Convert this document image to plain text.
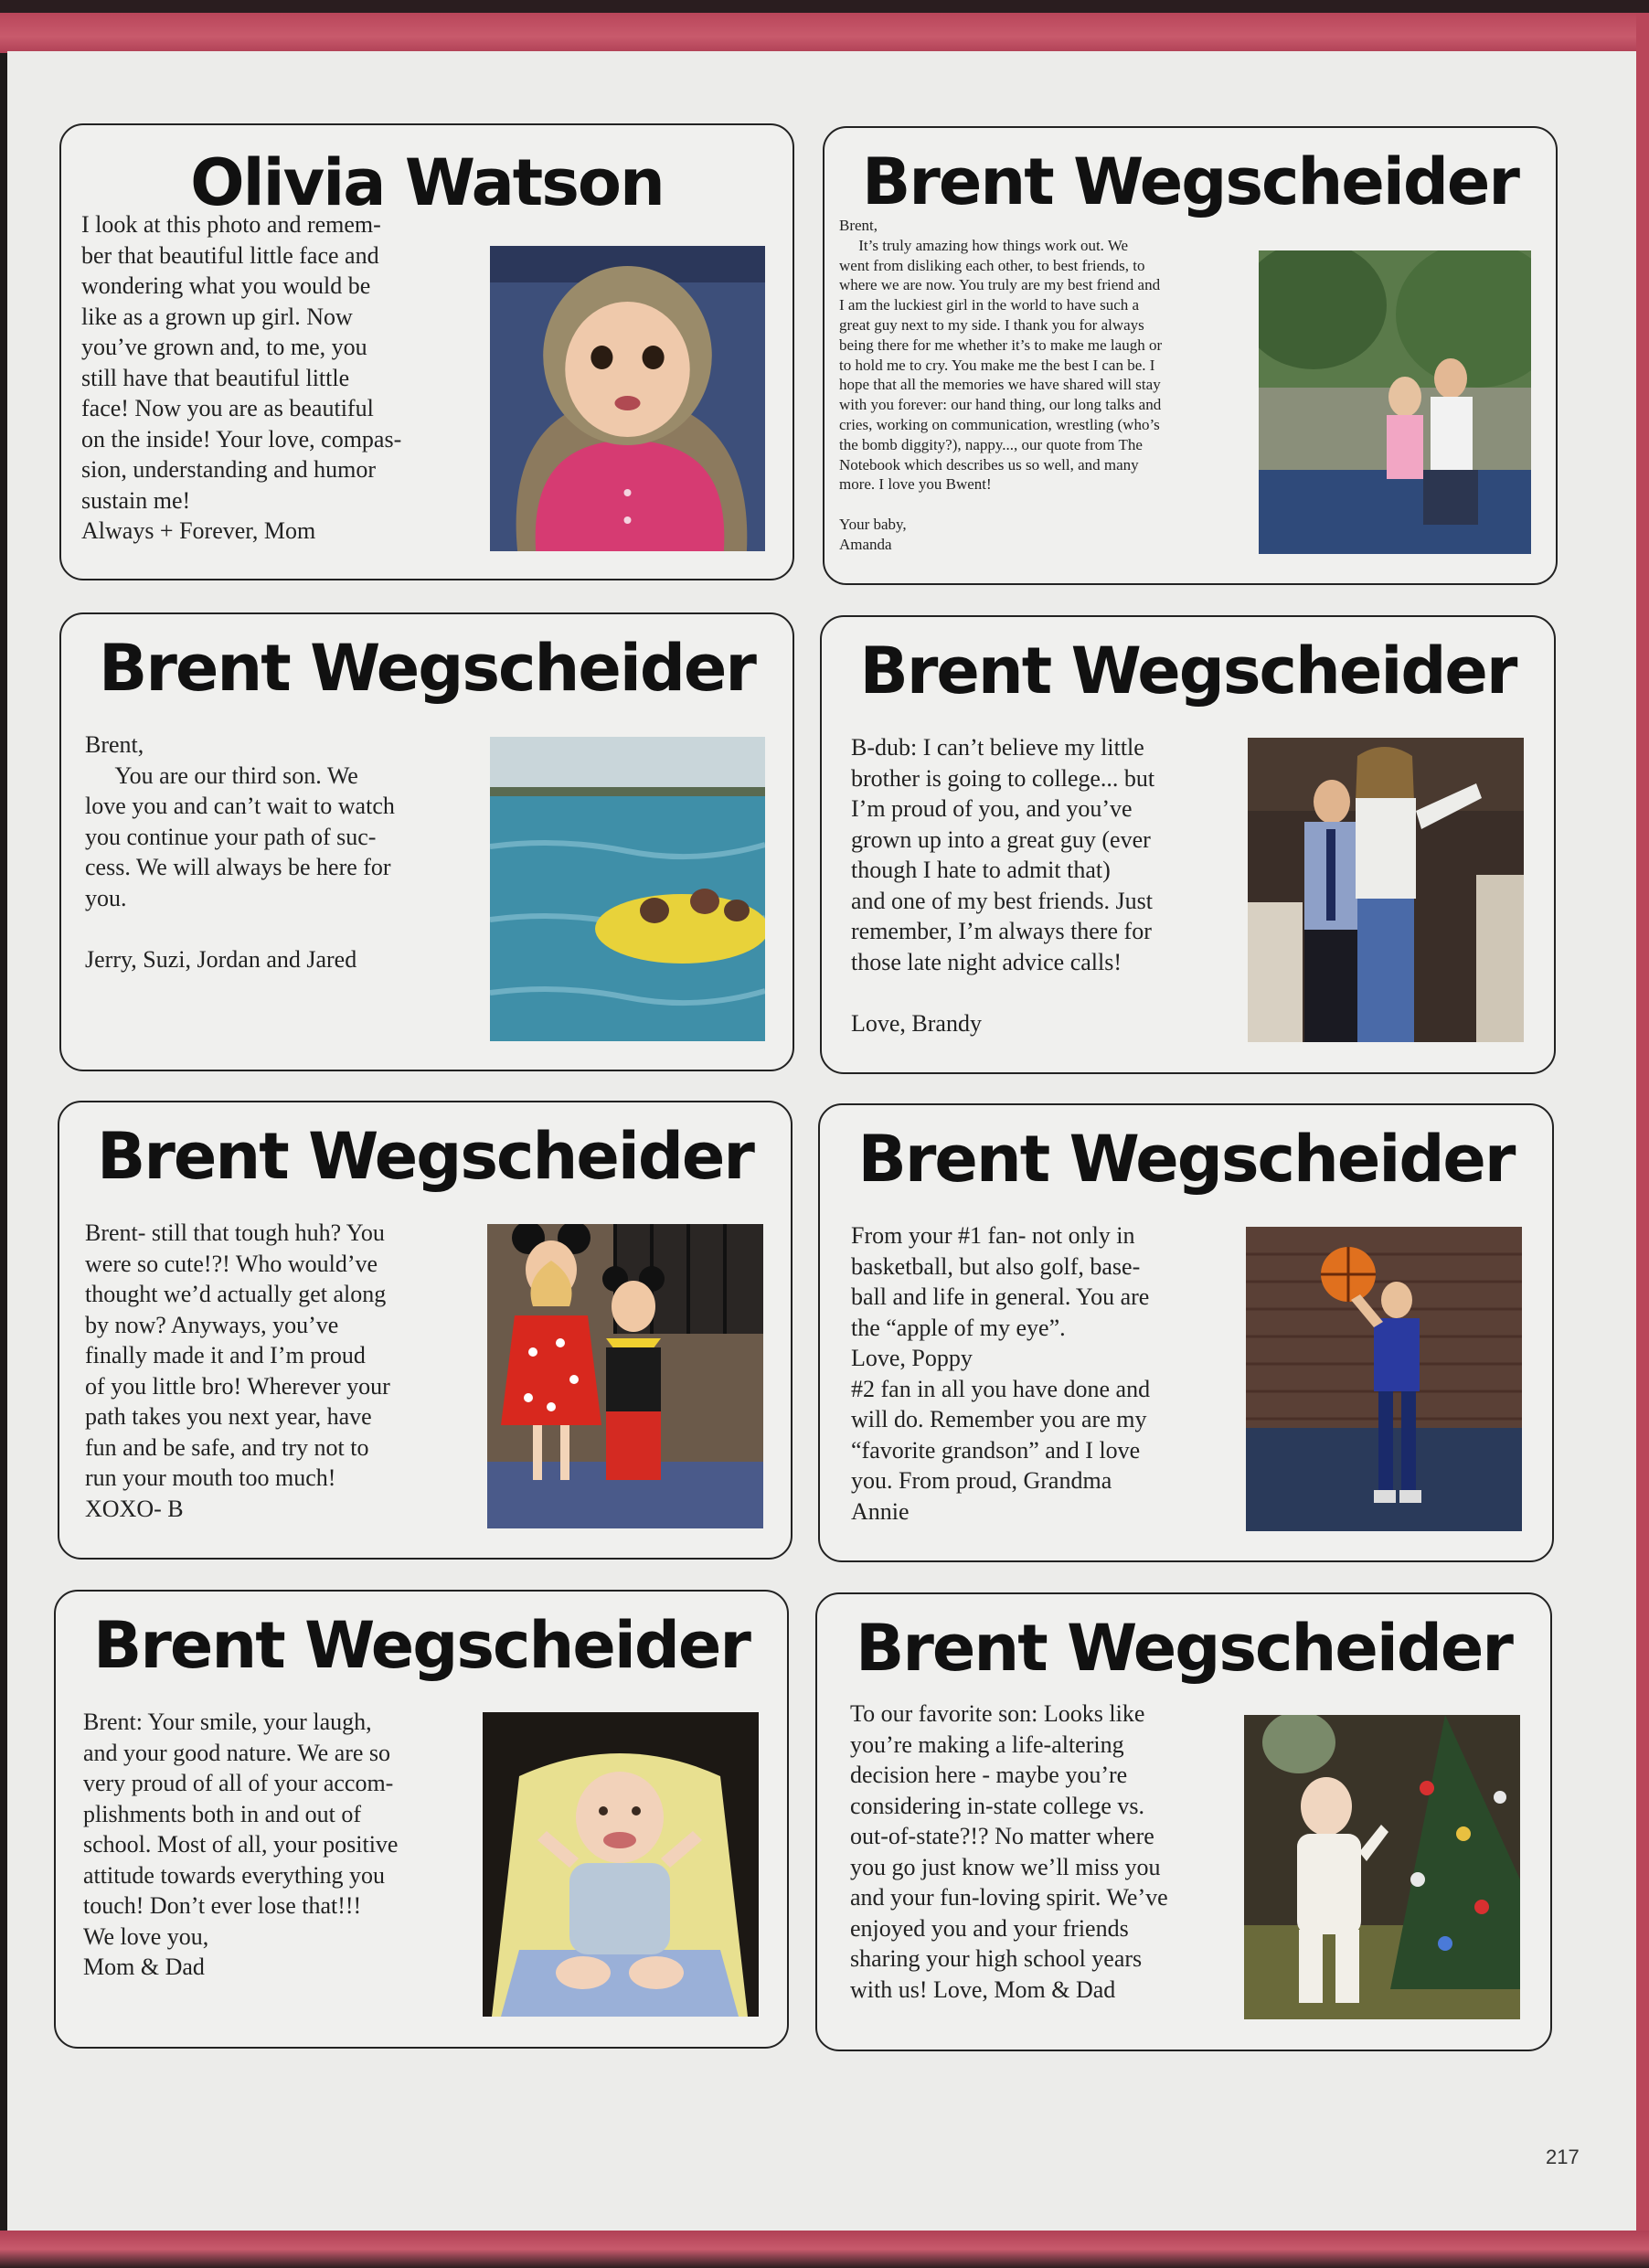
Olivia Watson
I look at this photo and remem-
ber that beautiful little face and
wondering what you would be
like as a grown up girl. Now
you’ve grown and, to me, you
still have that beautiful little
face! Now you are as beautiful
on the inside! Your love, compas-
sion, understanding and humor
sustain me!
Always + Forever, Mom
Brent Wegscheider
Brent,
It’s truly amazing how things work out. We
went from disliking each other, to best friends, to
where we are now. You truly are my best friend and
I am the luckiest girl in the world to have such a
great guy next to my side. I thank you for always
being there for me whether it’s to make me laugh or
to hold me to cry. You make me the best I can be. I
hope that all the memories we have shared will stay
with you forever: our hand thing, our long talks and
cries, working on communication, wrestling (who’s
the bomb diggity?), nappy..., our quote from The
Notebook which describes us so well, and many
more. I love you Bwent!

Your baby,
Amanda
Brent Wegscheider
Brent,
You are our third son. We
love you and can’t wait to watch
you continue your path of suc-
cess. We will always be here for
you.

Jerry, Suzi, Jordan and Jared
Brent Wegscheider
B-dub: I can’t believe my little
brother is going to college... but
I’m proud of you, and you’ve
grown up into a great guy (ever
though I hate to admit that)
and one of my best friends. Just
remember, I’m always there for
those late night advice calls!

Love, Brandy
Brent Wegscheider
Brent- still that tough huh? You
were so cute!?! Who would’ve
thought we’d actually get along
by now? Anyways, you’ve
finally made it and I’m proud
of you little bro! Wherever your
path takes you next year, have
fun and be safe, and try not to
run your mouth too much!
XOXO- B
Brent Wegscheider
From your #1 fan- not only in
basketball, but also golf, base-
ball and life in general. You are
the “apple of my eye”.
Love, Poppy
#2 fan in all you have done and
will do. Remember you are my
“favorite grandson” and I love
you. From proud, Grandma
Annie
Brent Wegscheider
Brent: Your smile, your laugh,
and your good nature. We are so
very proud of all of your accom-
plishments both in and out of
school. Most of all, your positive
attitude towards everything you
touch! Don’t ever lose that!!!
We love you,
Mom & Dad
Brent Wegscheider
To our favorite son: Looks like
you’re making a life-altering
decision here - maybe you’re
considering in-state college vs.
out-of-state?!? No matter where
you go just know we’ll miss you
and your fun-loving spirit. We’ve
enjoyed you and your friends
sharing your high school years
with us! Love, Mom & Dad
217
